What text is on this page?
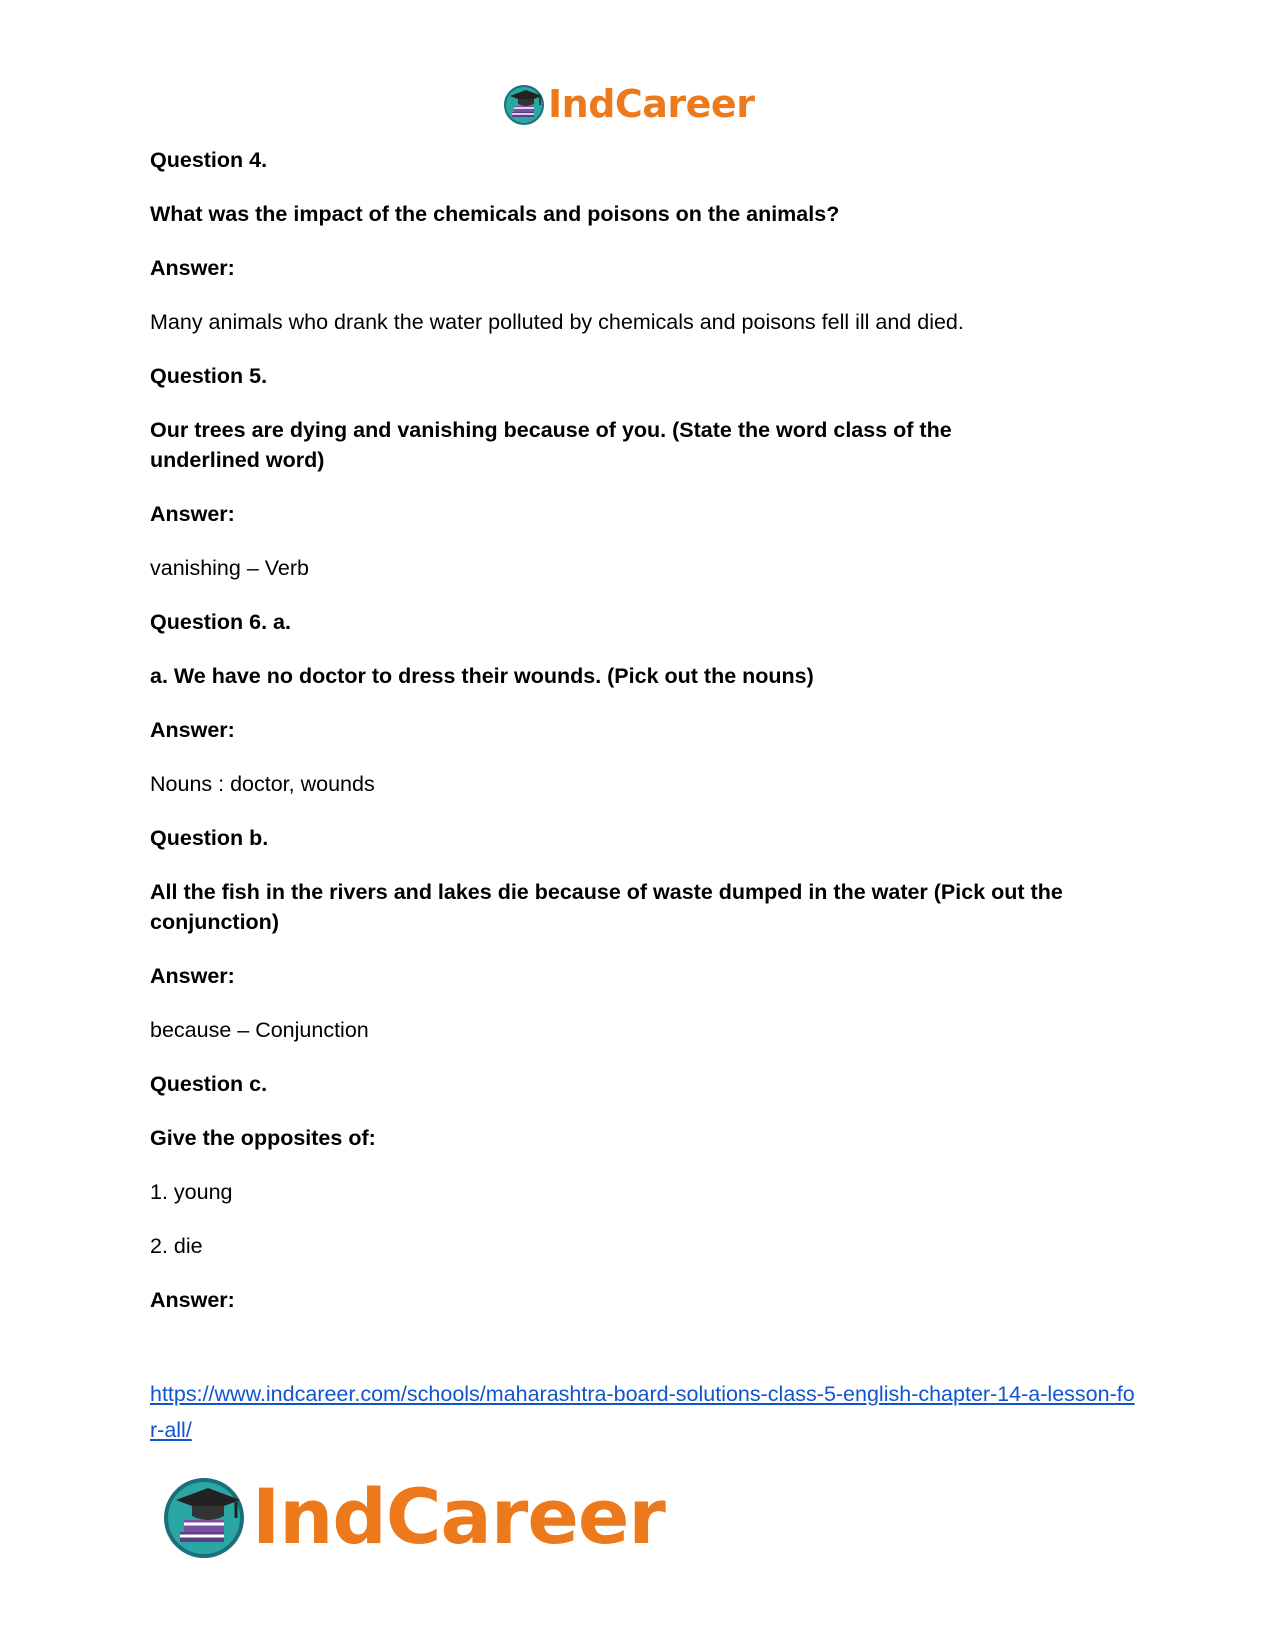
IndCareer

Question 4.

What was the impact of the chemicals and poisons on the animals?

Answer:

Many animals who drank the water polluted by chemicals and poisons fell ill and died.

Question 5.

Our trees are dying and vanishing because of you. (State the word class of the underlined word)

Answer:

vanishing – Verb

Question 6. a.

a. We have no doctor to dress their wounds. (Pick out the nouns)

Answer:

Nouns : doctor, wounds

Question b.

All the fish in the rivers and lakes die because of waste dumped in the water (Pick out the conjunction)

Answer:

because – Conjunction

Question c.

Give the opposites of:

1. young

2. die

Answer:

https://www.indcareer.com/schools/maharashtra-board-solutions-class-5-english-chapter-14-a-lesson-for-all/
IndCareer
